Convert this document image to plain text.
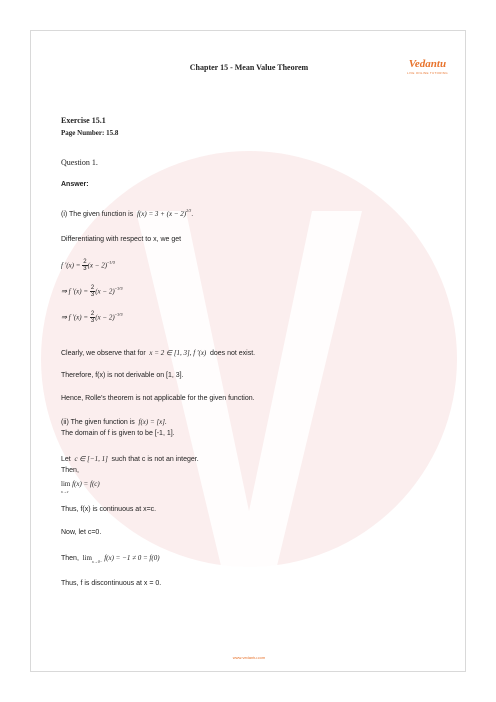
Chapter 15 - Mean Value Theorem	Vedantu
LIVE ONLINE TUTORING
Exercise 15.1
Page Number: 15.8
Question 1.
Answer:
(i) The given function is  $f(x) = 3 + (x - 2)^{2/3}$.
Differentiating with respect to x, we get
f $'(x) = \frac{2}{3} (x - 2)^{-1/3}$
⇒ f $'(x) = \frac{2}{3} (x - 2)^{-1/3}$
⇒ f $'(x) = \frac{2}{3} (x - 2)^{-1/3}$
Clearly, we observe that for  x = 2 ∈ [1, 3], f ′(x)  does not exist.
Therefore, f(x) is not derivable on [1, 3].
Hence, Rolle's theorem is not applicable for the given function.
(ii) The given function is  f(x) = [x].
The domain of f is given to be [-1, 1].
Let  c ∈ [−1, 1]  such that c is not an integer.
Then,
lim f(x) = f(c)
x→c
Thus, f(x) is continuous at x=c.
Now, let c=0.
Then,  $\lim_{x\to 0-} f(x) = -1 \ne 0 = f(0)$
Thus, f is discontinuous at x = 0.
www.vedantu.com
